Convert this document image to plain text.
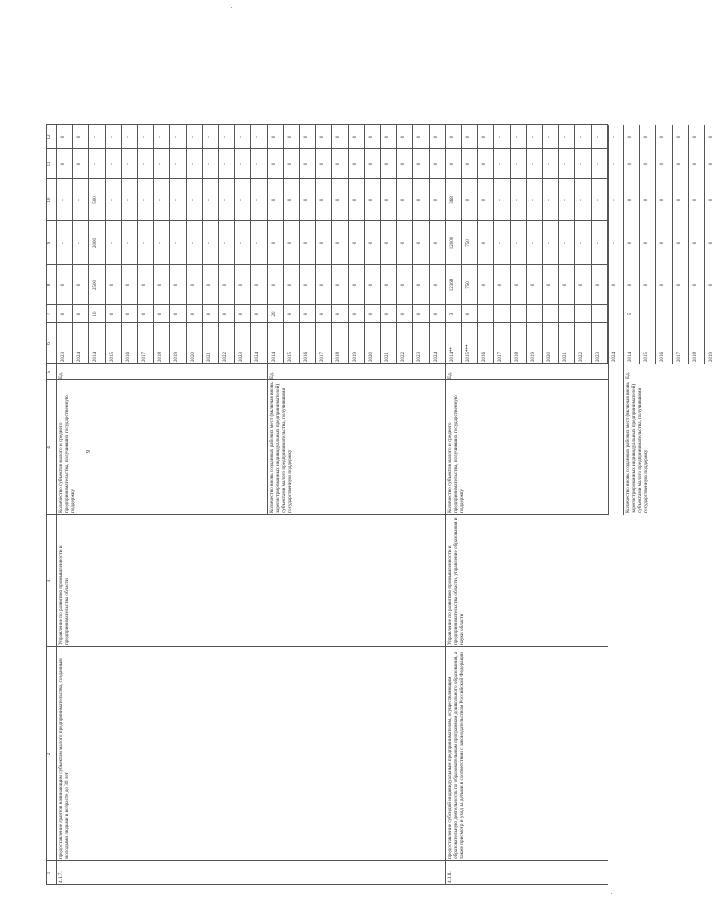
9
1
2
3
4
5
6
7
8
9
10
11
12
4.1.7.
предоставление грантов начинающим субъектам малого предпринимательства, созданным молодыми людьми в возрасте до 30 лет
Управление по развитию промышленности и предпринимательства области
Количество субъектов малого и среднего предпринимательства, получивших государственную поддержку
Ед.
2023
0
0
-
-
0
0
2024
0
0
-
-
0
0
2014
10
2500
2000
500
-
-
2015
0
0
-
-
-
-
2016
0
0
-
-
-
-
2017
0
0
-
-
-
-
2018
0
0
-
-
-
-
2019
0
0
-
-
-
-
2020
0
0
-
-
-
-
2021
0
0
-
-
-
-
2022
0
0
-
-
-
-
2023
0
0
-
-
-
-
2024
0
0
-
-
-
-
Количество вновь созданных рабочих мест (включая вновь зарегистрированных индивидуальных предпринимателей) субъектами малого предпринимательства, получившими государственную поддержку
Ед.
2014
20
0
0
0
0
0
2015
0
0
0
0
0
0
2016
0
0
0
0
0
0
2017
0
0
0
0
0
0
2018
0
0
0
0
0
0
2019
0
0
0
0
0
0
2020
0
0
0
0
0
0
2021
0
0
0
0
0
0
2022
0
0
0
0
0
0
2023
0
0
0
0
0
0
2024
0
0
0
0
0
0
4.1.8.
предоставление субсидий индивидуальным предпринимателям, осуществляющим образовательную деятельность по образовательным программам дошкольного образования, а также присмотр и уход за детьми в соответствии с законодательством Российской Федерации
Управление по развитию промышленности и предпринимательства области, управление образования и науки области
Количество субъектов малого и среднего предпринимательства, получивших государственную поддержку
Ед.
2014**
3
12368
12000
368
0
0
2015***
0
750
750
0
0
0
2016
0
0
0
0
0
2017
0
-
-
-
-
2018
0
-
-
-
-
2019
0
-
-
-
-
2020
0
-
-
-
-
2021
0
-
-
-
-
2022
0
-
-
-
-
2023
0
-
-
-
-
2024
0
-
-
-
-
Количество вновь созданных рабочих мест (включая вновь зарегистрированных индивидуальных предпринимателей) субъектами малого предпринимательства, получившими государственную поддержку
Ед.
2014
5
0
0
0
0
0
2015
0
0
0
0
0
2016
0
0
0
0
0
2017
0
0
0
0
0
2018
0
0
0
0
0
2019
0
0
0
0
0
